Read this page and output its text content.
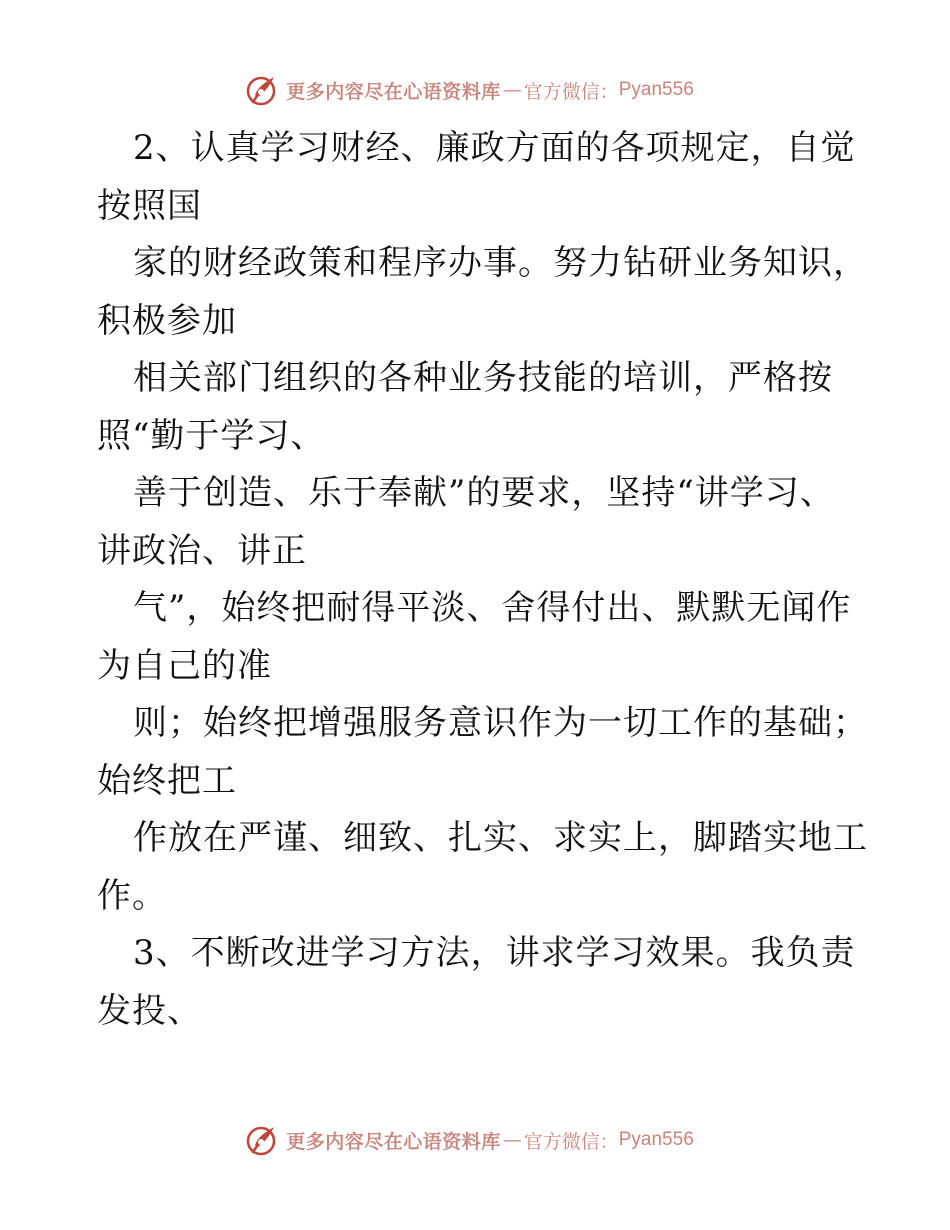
更多内容尽在心语资料库 — 官方微信： Pyan556
2、认真学习财经、廉政方面的各项规定，自觉
按照国
家的财经政策和程序办事。努力钻研业务知识，
积极参加
相关部门组织的各种业务技能的培训，严格按
照“勤于学习、
善于创造、乐于奉献”的要求，坚持“讲学习、
讲政治、讲正
气”，始终把耐得平淡、舍得付出、默默无闻作
为自己的准
则；始终把增强服务意识作为一切工作的基础；
始终把工
作放在严谨、细致、扎实、求实上，脚踏实地工
作。
3、不断改进学习方法，讲求学习效果。我负责
发投、
更多内容尽在心语资料库 — 官方微信： Pyan556
